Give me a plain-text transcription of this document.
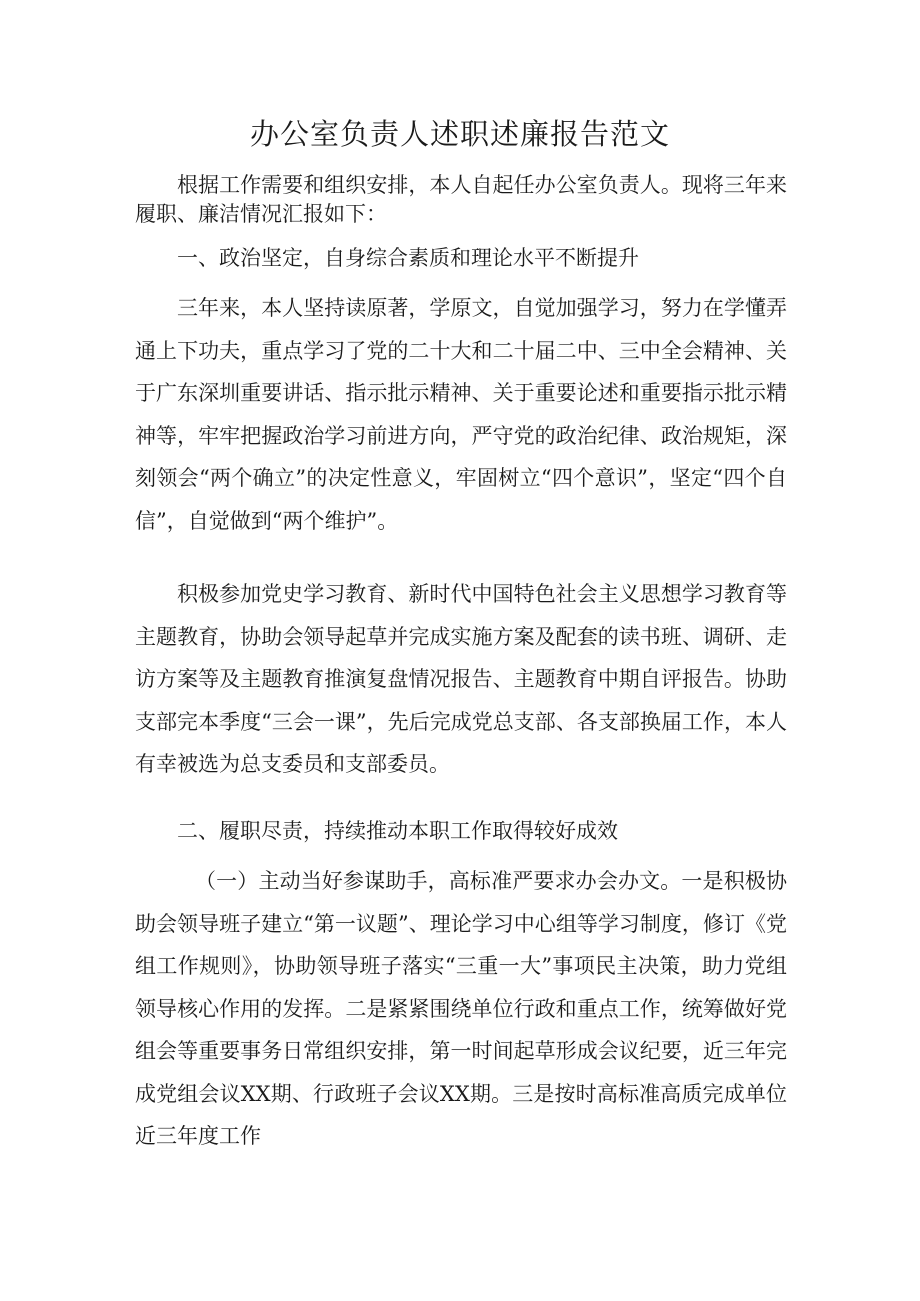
办公室负责人述职述廉报告范文

根据工作需要和组织安排，本人自起任办公室负责人。现将三年来履职、廉洁情况汇报如下：

一、政治坚定，自身综合素质和理论水平不断提升

三年来，本人坚持读原著，学原文，自觉加强学习，努力在学懂弄通上下功夫，重点学习了党的二十大和二十届二中、三中全会精神、关于广东深圳重要讲话、指示批示精神、关于重要论述和重要指示批示精神等，牢牢把握政治学习前进方向，严守党的政治纪律、政治规矩，深刻领会“两个确立”的决定性意义，牢固树立“四个意识”，坚定“四个自信”，自觉做到“两个维护”。

积极参加党史学习教育、新时代中国特色社会主义思想学习教育等主题教育，协助会领导起草并完成实施方案及配套的读书班、调研、走访方案等及主题教育推演复盘情况报告、主题教育中期自评报告。协助支部完本季度“三会一课”，先后完成党总支部、各支部换届工作，本人有幸被选为总支委员和支部委员。

二、履职尽责，持续推动本职工作取得较好成效

（一）主动当好参谋助手，高标准严要求办会办文。一是积极协助会领导班子建立“第一议题”、理论学习中心组等学习制度，修订《党组工作规则》，协助领导班子落实“三重一大”事项民主决策，助力党组领导核心作用的发挥。二是紧紧围绕单位行政和重点工作，统筹做好党组会等重要事务日常组织安排，第一时间起草形成会议纪要，近三年完成党组会议XX期、行政班子会议XX期。三是按时高标准高质完成单位近三年度工作
